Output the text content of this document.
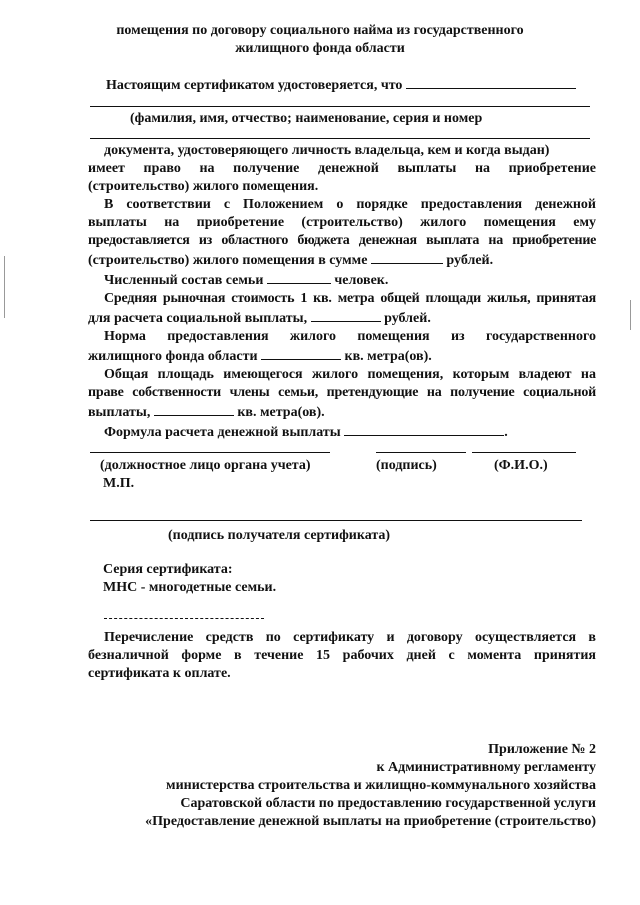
помещения по договору социального найма из государственного
жилищного фонда области
Настоящим сертификатом удостоверяется, что
(фамилия, имя, отчество; наименование, серия и номер
документа, удостоверяющего личность владельца, кем и когда выдан)
имеет право на получение денежной выплаты на приобретение
(строительство) жилого помещения.
В соответствии с Положением о порядке предоставления денежной
выплаты на приобретение (строительство) жилого помещения ему
предоставляется из областного бюджета денежная выплата на приобретение
(строительство) жилого помещения в сумме	рублей.
Численный состав семьи	человек.
Средняя рыночная стоимость 1 кв. метра общей площади жилья, принятая
для расчета социальной выплаты,	рублей.
Норма предоставления жилого помещения из государственного
жилищного фонда области	кв. метра(ов).
Общая площадь имеющегося жилого помещения, которым владеют на
праве собственности члены семьи, претендующие на получение социальной
выплаты,	кв. метра(ов).
Формула расчета денежной выплаты	.
(должностное лицо органа учета)	(подпись)	(Ф.И.О.)
М.П.
(подпись получателя сертификата)
Серия сертификата:
МНС - многодетные семьи.
Перечисление средств по сертификату и договору осуществляется в
безналичной форме в течение 15 рабочих дней с момента принятия
сертификата к оплате.
Приложение № 2
к Административному регламенту
министерства строительства и жилищно-коммунального хозяйства
Саратовской области по предоставлению государственной услуги
«Предоставление денежной выплаты на приобретение (строительство)
